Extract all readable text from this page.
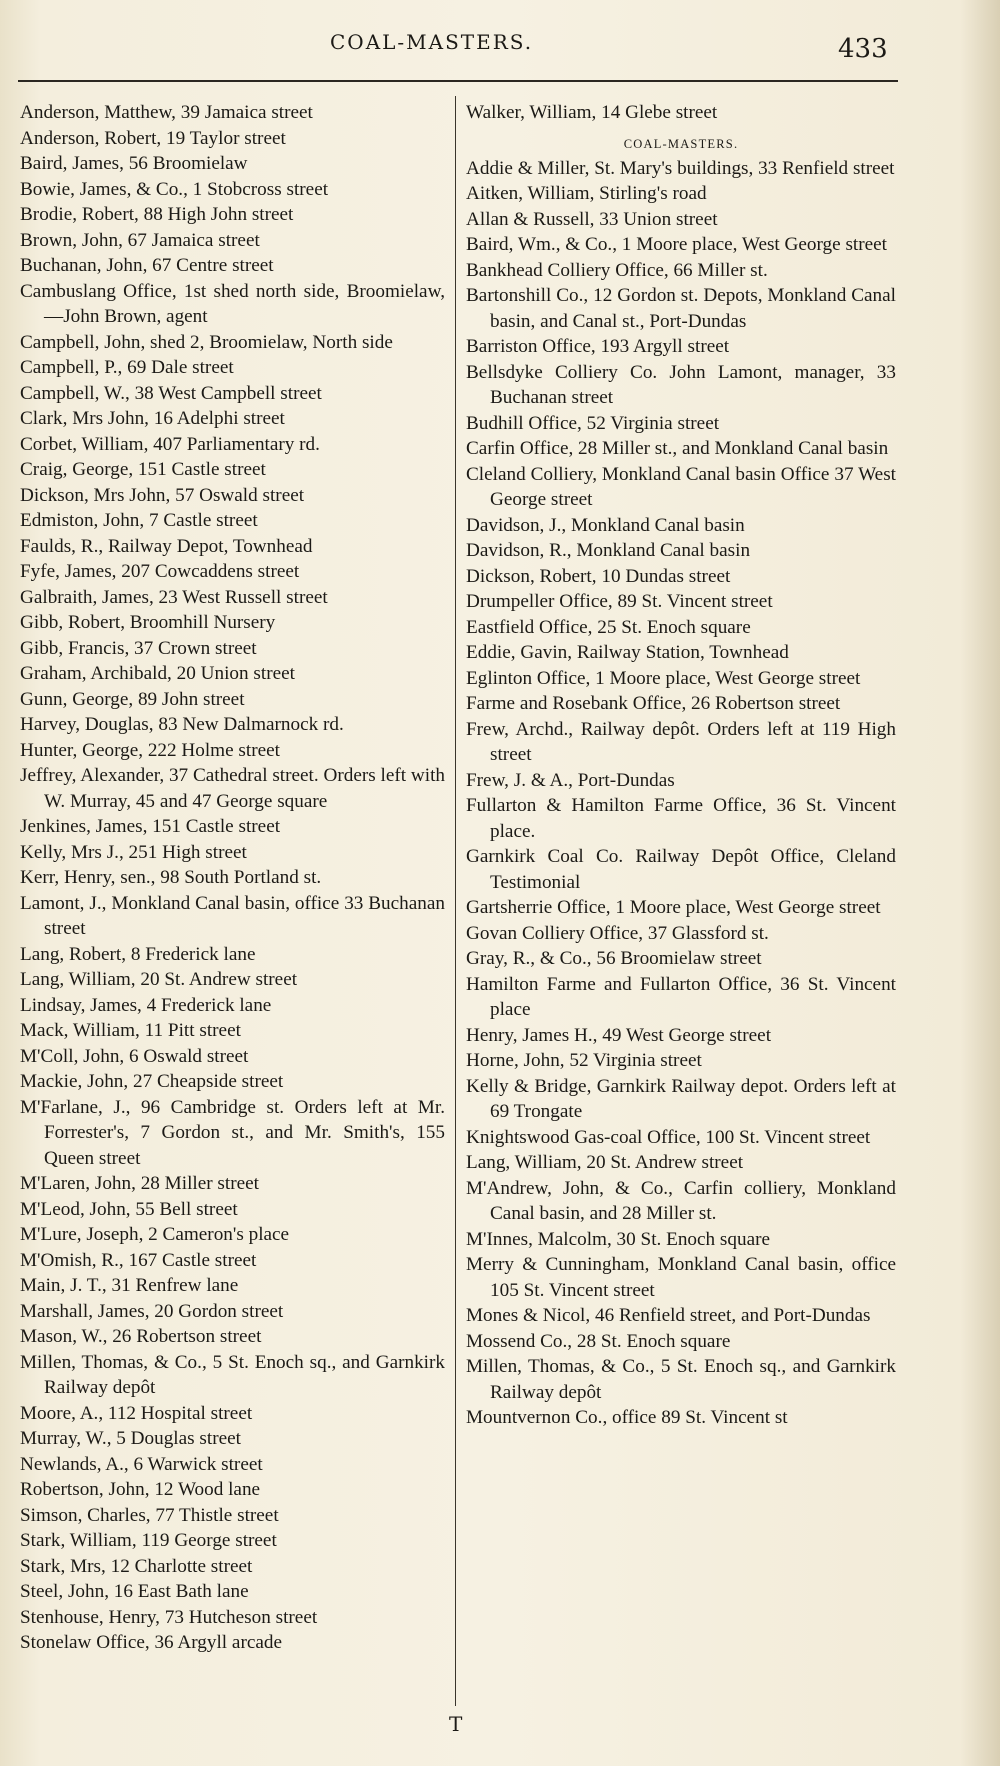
COAL-MASTERS.	433

Anderson, Matthew, 39 Jamaica street

Anderson, Robert, 19 Taylor street

Baird, James, 56 Broomielaw

Bowie, James, & Co., 1 Stobcross street

Brodie, Robert, 88 High John street

Brown, John, 67 Jamaica street

Buchanan, John, 67 Centre street

Cambuslang Office, 1st shed north side, Broomielaw,—John Brown, agent

Campbell, John, shed 2, Broomielaw, North side

Campbell, P., 69 Dale street

Campbell, W., 38 West Campbell street

Clark, Mrs John, 16 Adelphi street

Corbet, William, 407 Parliamentary rd.

Craig, George, 151 Castle street

Dickson, Mrs John, 57 Oswald street

Edmiston, John, 7 Castle street

Faulds, R., Railway Depot, Townhead

Fyfe, James, 207 Cowcaddens street

Galbraith, James, 23 West Russell street

Gibb, Robert, Broomhill Nursery

Gibb, Francis, 37 Crown street

Graham, Archibald, 20 Union street

Gunn, George, 89 John street

Harvey, Douglas, 83 New Dalmarnock rd.

Hunter, George, 222 Holme street

Jeffrey, Alexander, 37 Cathedral street. Orders left with W. Murray, 45 and 47 George square

Jenkines, James, 151 Castle street

Kelly, Mrs J., 251 High street

Kerr, Henry, sen., 98 South Portland st.

Lamont, J., Monkland Canal basin, office 33 Buchanan street

Lang, Robert, 8 Frederick lane

Lang, William, 20 St. Andrew street

Lindsay, James, 4 Frederick lane

Mack, William, 11 Pitt street

M'Coll, John, 6 Oswald street

Mackie, John, 27 Cheapside street

M'Farlane, J., 96 Cambridge st. Orders left at Mr. Forrester's, 7 Gordon st., and Mr. Smith's, 155 Queen street

M'Laren, John, 28 Miller street

M'Leod, John, 55 Bell street

M'Lure, Joseph, 2 Cameron's place

M'Omish, R., 167 Castle street

Main, J. T., 31 Renfrew lane

Marshall, James, 20 Gordon street

Mason, W., 26 Robertson street

Millen, Thomas, & Co., 5 St. Enoch sq., and Garnkirk Railway depôt

Moore, A., 112 Hospital street

Murray, W., 5 Douglas street

Newlands, A., 6 Warwick street

Robertson, John, 12 Wood lane

Simson, Charles, 77 Thistle street

Stark, William, 119 George street

Stark, Mrs, 12 Charlotte street

Steel, John, 16 East Bath lane

Stenhouse, Henry, 73 Hutcheson street

Stonelaw Office, 36 Argyll arcade

Walker, William, 14 Glebe street

COAL-MASTERS.

Addie & Miller, St. Mary's buildings, 33 Renfield street

Aitken, William, Stirling's road

Allan & Russell, 33 Union street

Baird, Wm., & Co., 1 Moore place, West George street

Bankhead Colliery Office, 66 Miller st.

Bartonshill Co., 12 Gordon st. Depots, Monkland Canal basin, and Canal st., Port-Dundas

Barriston Office, 193 Argyll street

Bellsdyke Colliery Co. John Lamont, manager, 33 Buchanan street

Budhill Office, 52 Virginia street

Carfin Office, 28 Miller st., and Monkland Canal basin

Cleland Colliery, Monkland Canal basin Office 37 West George street

Davidson, J., Monkland Canal basin

Davidson, R., Monkland Canal basin

Dickson, Robert, 10 Dundas street

Drumpeller Office, 89 St. Vincent street

Eastfield Office, 25 St. Enoch square

Eddie, Gavin, Railway Station, Townhead

Eglinton Office, 1 Moore place, West George street

Farme and Rosebank Office, 26 Robertson street

Frew, Archd., Railway depôt. Orders left at 119 High street

Frew, J. & A., Port-Dundas

Fullarton & Hamilton Farme Office, 36 St. Vincent place.

Garnkirk Coal Co. Railway Depôt Office, Cleland Testimonial

Gartsherrie Office, 1 Moore place, West George street

Govan Colliery Office, 37 Glassford st.

Gray, R., & Co., 56 Broomielaw street

Hamilton Farme and Fullarton Office, 36 St. Vincent place

Henry, James H., 49 West George street

Horne, John, 52 Virginia street

Kelly & Bridge, Garnkirk Railway depot. Orders left at 69 Trongate

Knightswood Gas-coal Office, 100 St. Vincent street

Lang, William, 20 St. Andrew street

M'Andrew, John, & Co., Carfin colliery, Monkland Canal basin, and 28 Miller st.

M'Innes, Malcolm, 30 St. Enoch square

Merry & Cunningham, Monkland Canal basin, office 105 St. Vincent street

Mones & Nicol, 46 Renfield street, and Port-Dundas

Mossend Co., 28 St. Enoch square

Millen, Thomas, & Co., 5 St. Enoch sq., and Garnkirk Railway depôt

Mountvernon Co., office 89 St. Vincent st

T
